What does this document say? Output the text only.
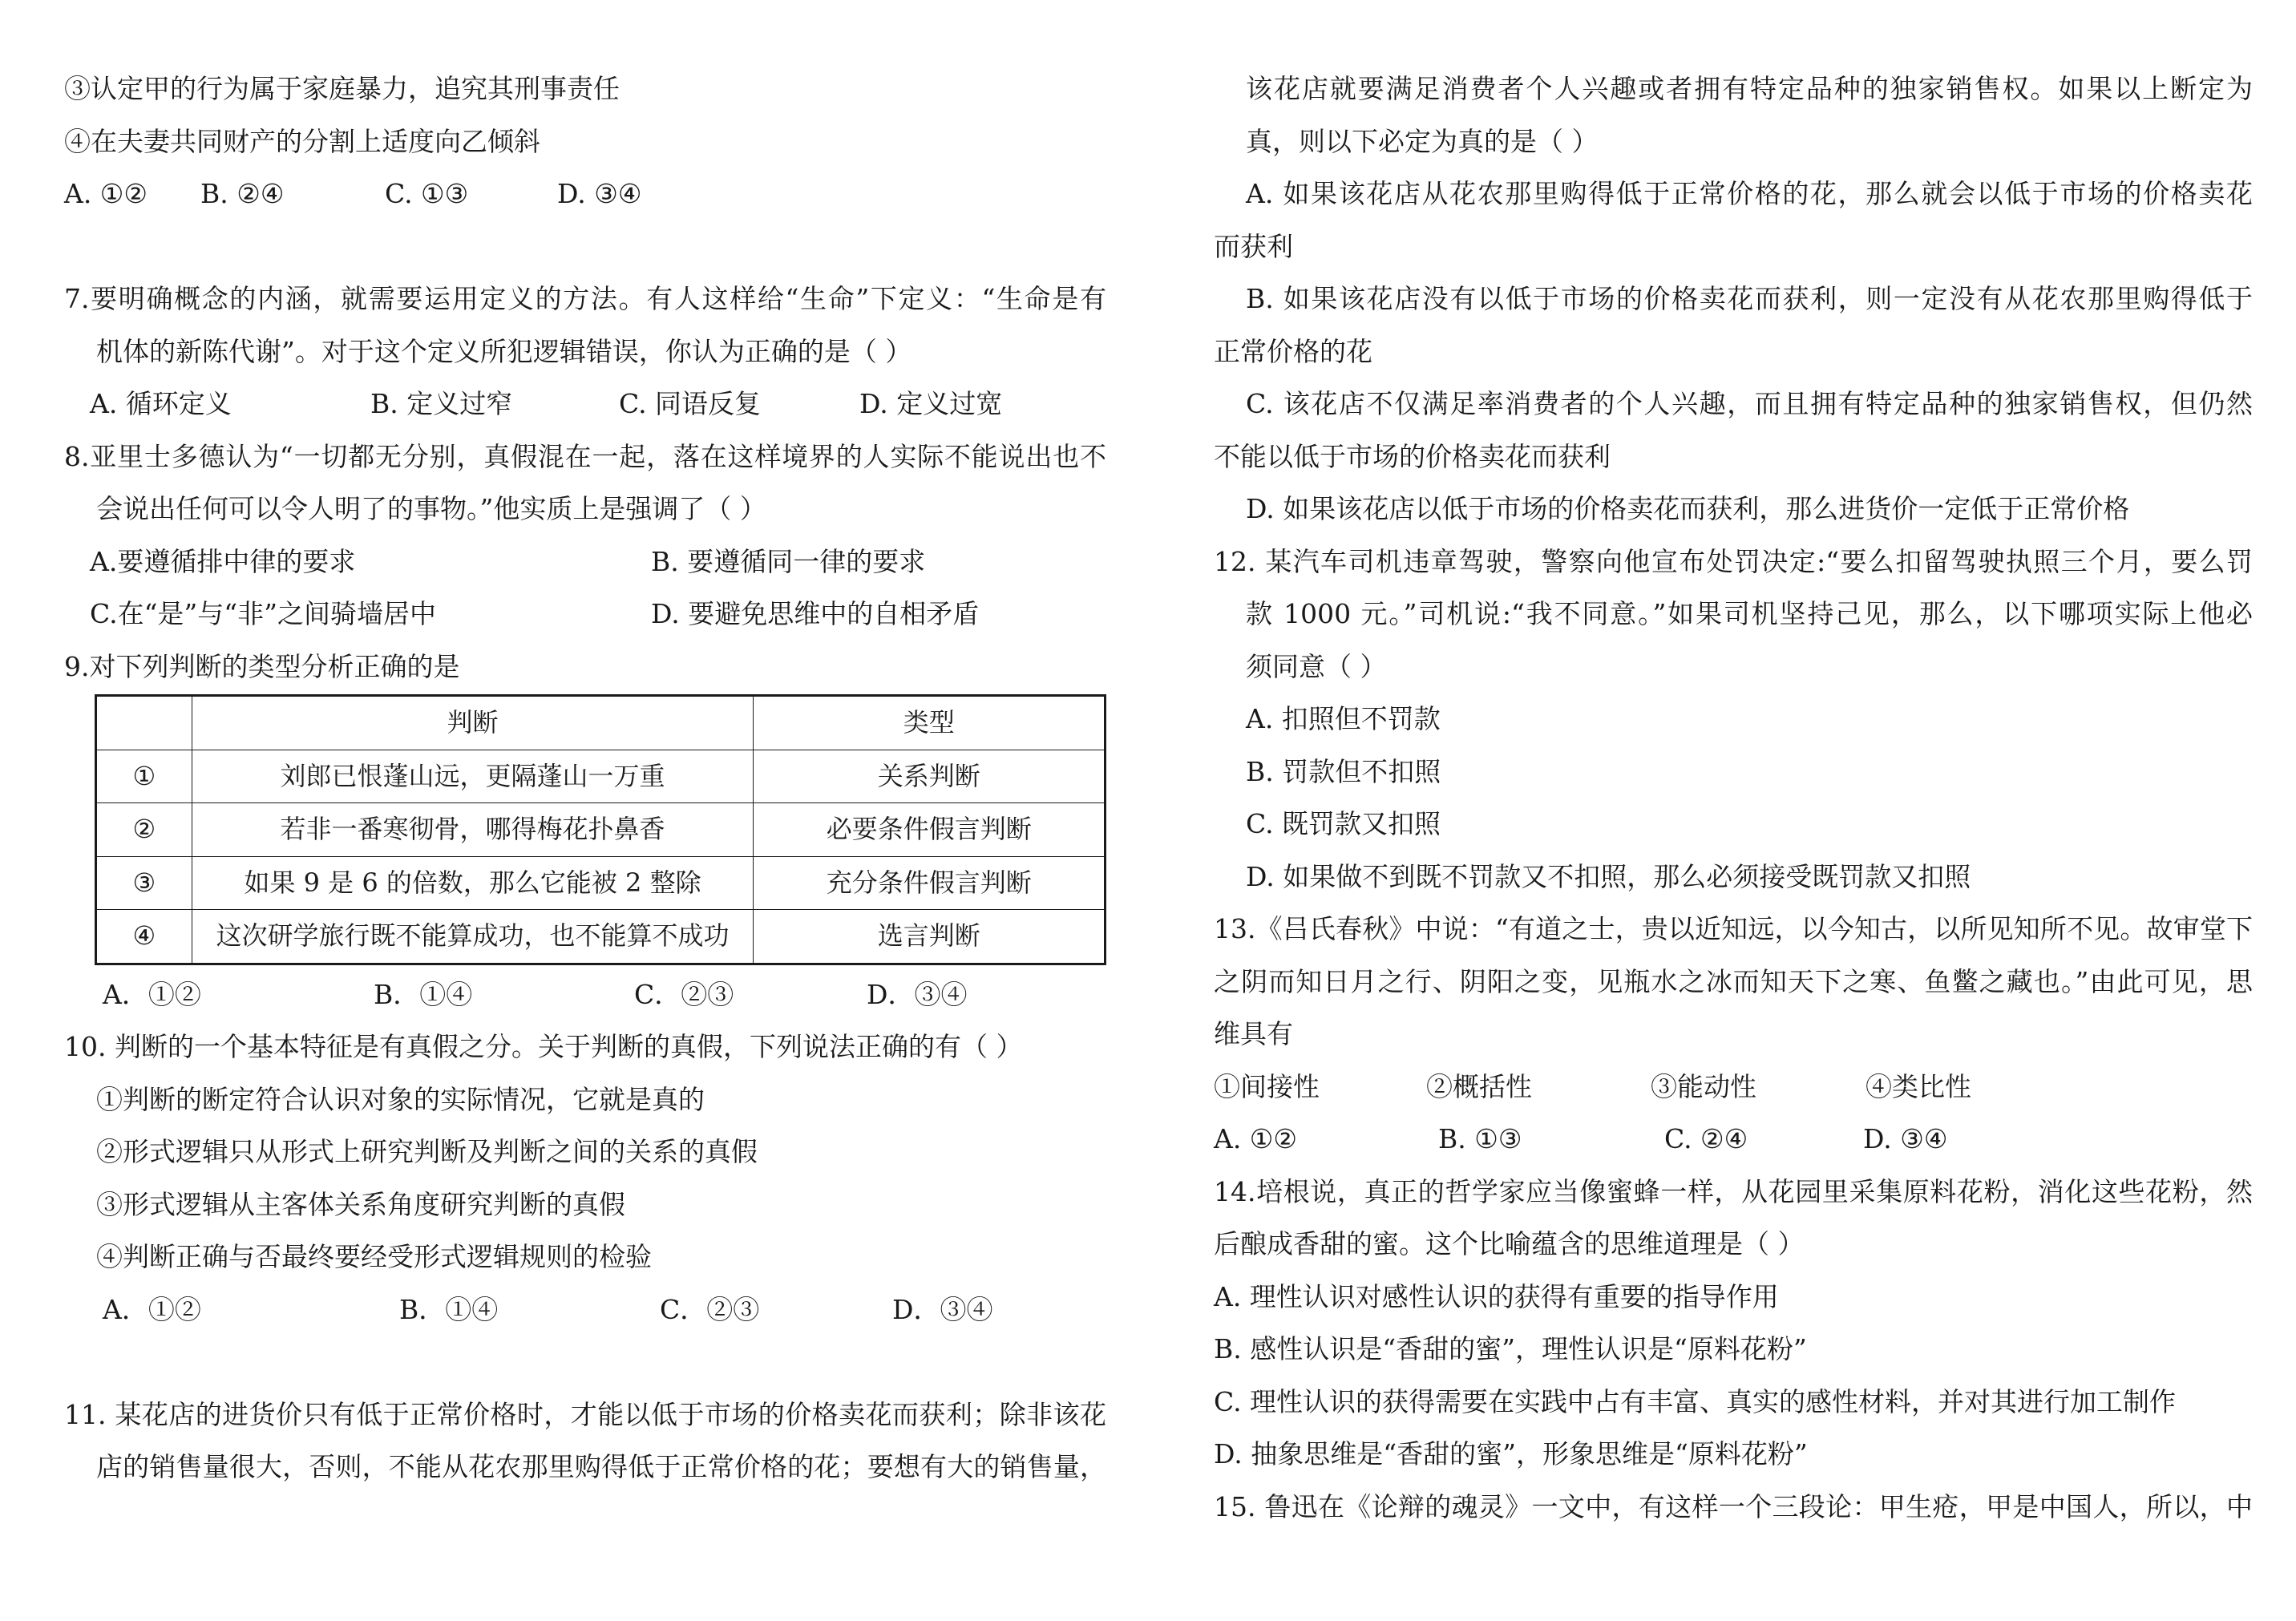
③认定甲的行为属于家庭暴力，追究其刑事责任
④在夫妻共同财产的分割上适度向乙倾斜
A. ①②	B. ②④	C. ①③	D. ③④
7.要明确概念的内涵，就需要运用定义的方法。有人这样给“生命”下定义：“生命是有
机体的新陈代谢”。对于这个定义所犯逻辑错误，你认为正确的是（ ）
A. 循环定义	B. 定义过窄	C. 同语反复	D. 定义过宽
8.亚里士多德认为“一切都无分别，真假混在一起，落在这样境界的人实际不能说出也不
会说出任何可以令人明了的事物。”他实质上是强调了（ ）
A.要遵循排中律的要求	B. 要遵循同一律的要求
C.在“是”与“非”之间骑墙居中	D. 要避免思维中的自相矛盾
9.对下列判断的类型分析正确的是
	判断	类型
①	刘郎已恨蓬山远，更隔蓬山一万重	关系判断
②	若非一番寒彻骨，哪得梅花扑鼻香	必要条件假言判断
③	如果 9 是 6 的倍数，那么它能被 2 整除	充分条件假言判断
④	这次研学旅行既不能算成功，也不能算不成功	选言判断
A．①②	B．①④	C．②③	D．③④
10. 判断的一个基本特征是有真假之分。关于判断的真假，下列说法正确的有（ ）
①判断的断定符合认识对象的实际情况，它就是真的
②形式逻辑只从形式上研究判断及判断之间的关系的真假
③形式逻辑从主客体关系角度研究判断的真假
④判断正确与否最终要经受形式逻辑规则的检验
A．①②	B．①④	C．②③	D．③④
11. 某花店的进货价只有低于正常价格时，才能以低于市场的价格卖花而获利；除非该花
店的销售量很大，否则，不能从花农那里购得低于正常价格的花；要想有大的销售量，
该花店就要满足消费者个人兴趣或者拥有特定品种的独家销售权。如果以上断定为
真，则以下必定为真的是（ ）
A. 如果该花店从花农那里购得低于正常价格的花，那么就会以低于市场的价格卖花
而获利
B. 如果该花店没有以低于市场的价格卖花而获利，则一定没有从花农那里购得低于
正常价格的花
C. 该花店不仅满足率消费者的个人兴趣，而且拥有特定品种的独家销售权，但仍然
不能以低于市场的价格卖花而获利
D. 如果该花店以低于市场的价格卖花而获利，那么进货价一定低于正常价格
12. 某汽车司机违章驾驶，警察向他宣布处罚决定:“要么扣留驾驶执照三个月，要么罚
款 1000 元。”司机说:“我不同意。”如果司机坚持己见，那么，以下哪项实际上他必
须同意（ ）
A. 扣照但不罚款
B. 罚款但不扣照
C. 既罚款又扣照
D. 如果做不到既不罚款又不扣照，那么必须接受既罚款又扣照
13.《吕氏春秋》中说：“有道之士，贵以近知远，以今知古，以所见知所不见。故审堂下
之阴而知日月之行、阴阳之变，见瓶水之冰而知天下之寒、鱼鳖之藏也。”由此可见，思
维具有
①间接性	②概括性	③能动性	④类比性
A. ①②	B. ①③	C. ②④	D. ③④
14.培根说，真正的哲学家应当像蜜蜂一样，从花园里采集原料花粉，消化这些花粉，然
后酿成香甜的蜜。这个比喻蕴含的思维道理是（ ）
A. 理性认识对感性认识的获得有重要的指导作用
B. 感性认识是“香甜的蜜”，理性认识是“原料花粉”
C. 理性认识的获得需要在实践中占有丰富、真实的感性材料，并对其进行加工制作
D. 抽象思维是“香甜的蜜”，形象思维是“原料花粉”
15. 鲁迅在《论辩的魂灵》一文中，有这样一个三段论：甲生疮，甲是中国人，所以，中
